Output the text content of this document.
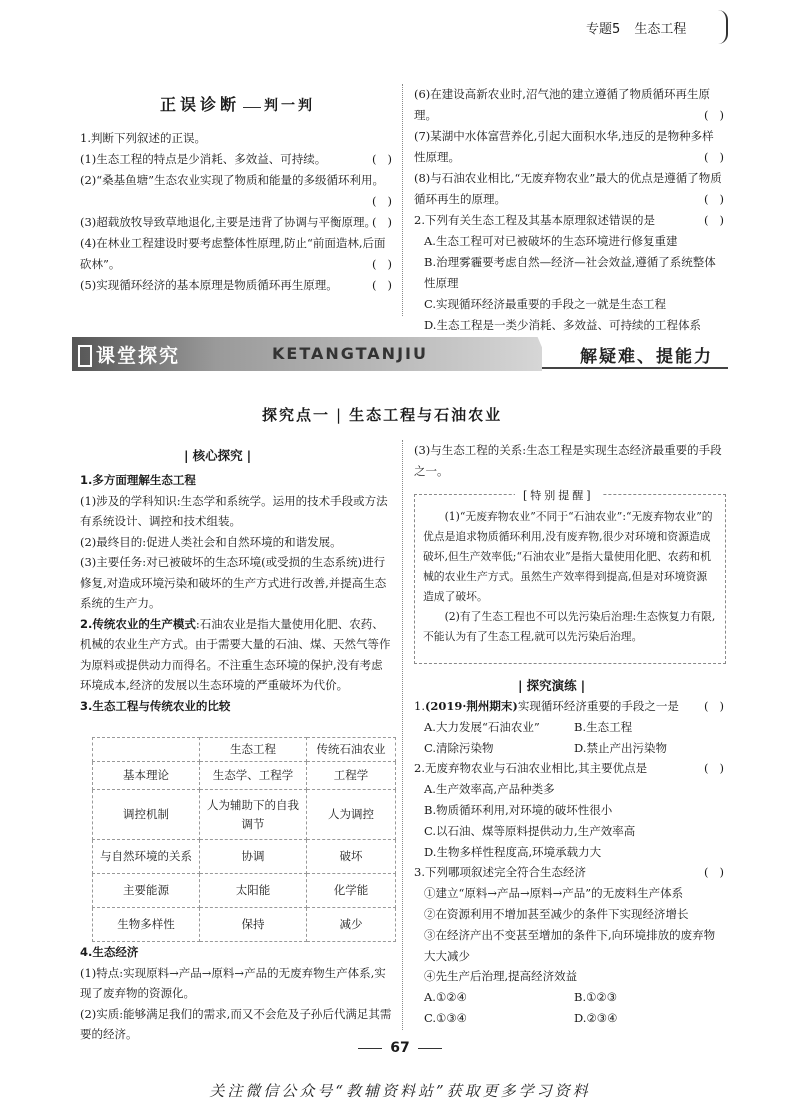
专题5 生态工程
正误诊断 判一判
1.判断下列叙述的正误。
(1)生态工程的特点是少消耗、多效益、可持续。	(   )
(2)“桑基鱼塘”生态农业实现了物质和能量的多级循环利用。
(   )
(3)超载放牧导致草地退化,主要是违背了协调与平衡原理。
(   )
(4)在林业工程建设时要考虑整体性原理,防止“前面造林,后面砍林”。	(   )
(5)实现循环经济的基本原理是物质循环再生原理。	(   )
(6)在建设高新农业时,沼气池的建立遵循了物质循环再生原理。	(   )
(7)某湖中水体富营养化,引起大面积水华,违反的是物种多样性原理。	(   )
(8)与石油农业相比,“无废弃物农业”最大的优点是遵循了物质循环再生的原理。	(   )
2.下列有关生态工程及其基本原理叙述错误的是	(   )
A.生态工程可对已被破坏的生态环境进行修复重建
B.治理雾霾要考虑自然—经济—社会效益,遵循了系统整体性原理
C.实现循环经济最重要的手段之一就是生态工程
D.生态工程是一类少消耗、多效益、可持续的工程体系
课堂探究	KETANGTANJIU	解疑难、提能力
探究点一 | 生态工程与石油农业
| 核心探究 |
1.多方面理解生态工程
(1)涉及的学科知识:生态学和系统学。运用的技术手段或方法有系统设计、调控和技术组装。
(2)最终目的:促进人类社会和自然环境的和谐发展。
(3)主要任务:对已被破坏的生态环境(或受损的生态系统)进行修复,对造成环境污染和破坏的生产方式进行改善,并提高生态系统的生产力。
2.传统农业的生产模式:石油农业是指大量使用化肥、农药、机械的农业生产方式。由于需要大量的石油、煤、天然气等作为原料或提供动力而得名。不注重生态环境的保护,没有考虑环境成本,经济的发展以生态环境的严重破坏为代价。
3.生态工程与传统农业的比较
	生态工程	传统石油农业
基本理论	生态学、工程学	工程学
调控机制	人为辅助下的自我调节	人为调控
与自然环境的关系	协调	破坏
主要能源	太阳能	化学能
生物多样性	保持	减少
4.生态经济
(1)特点:实现原料→产品→原料→产品的无废弃物生产体系,实现了废弃物的资源化。
(2)实质:能够满足我们的需求,而又不会危及子孙后代满足其需要的经济。
(3)与生态工程的关系:生态工程是实现生态经济最重要的手段之一。
[特别提醒]
(1)“无废弃物农业”不同于“石油农业”:“无废弃物农业”的优点是追求物质循环利用,没有废弃物,很少对环境和资源造成破坏,但生产效率低;“石油农业”是指大量使用化肥、农药和机械的农业生产方式。虽然生产效率得到提高,但是对环境资源造成了破坏。
(2)有了生态工程也不可以先污染后治理:生态恢复力有限,不能认为有了生态工程,就可以先污染后治理。
| 探究演练 |
1.(2019·荆州期末)实现循环经济重要的手段之一是 (   )
A.大力发展“石油农业”	B.生态工程
C.清除污染物	D.禁止产出污染物
2.无废弃物农业与石油农业相比,其主要优点是	(   )
A.生产效率高,产品种类多
B.物质循环利用,对环境的破坏性很小
C.以石油、煤等原料提供动力,生产效率高
D.生物多样性程度高,环境承载力大
3.下列哪项叙述完全符合生态经济	(   )
①建立“原料→产品→原料→产品”的无废料生产体系
②在资源利用不增加甚至减少的条件下实现经济增长
③在经济产出不变甚至增加的条件下,向环境排放的废弃物大大减少
④先生产后治理,提高经济效益
A.①②④	B.①②③
C.①③④	D.②③④
67
关注微信公众号“教辅资料站”获取更多学习资料
